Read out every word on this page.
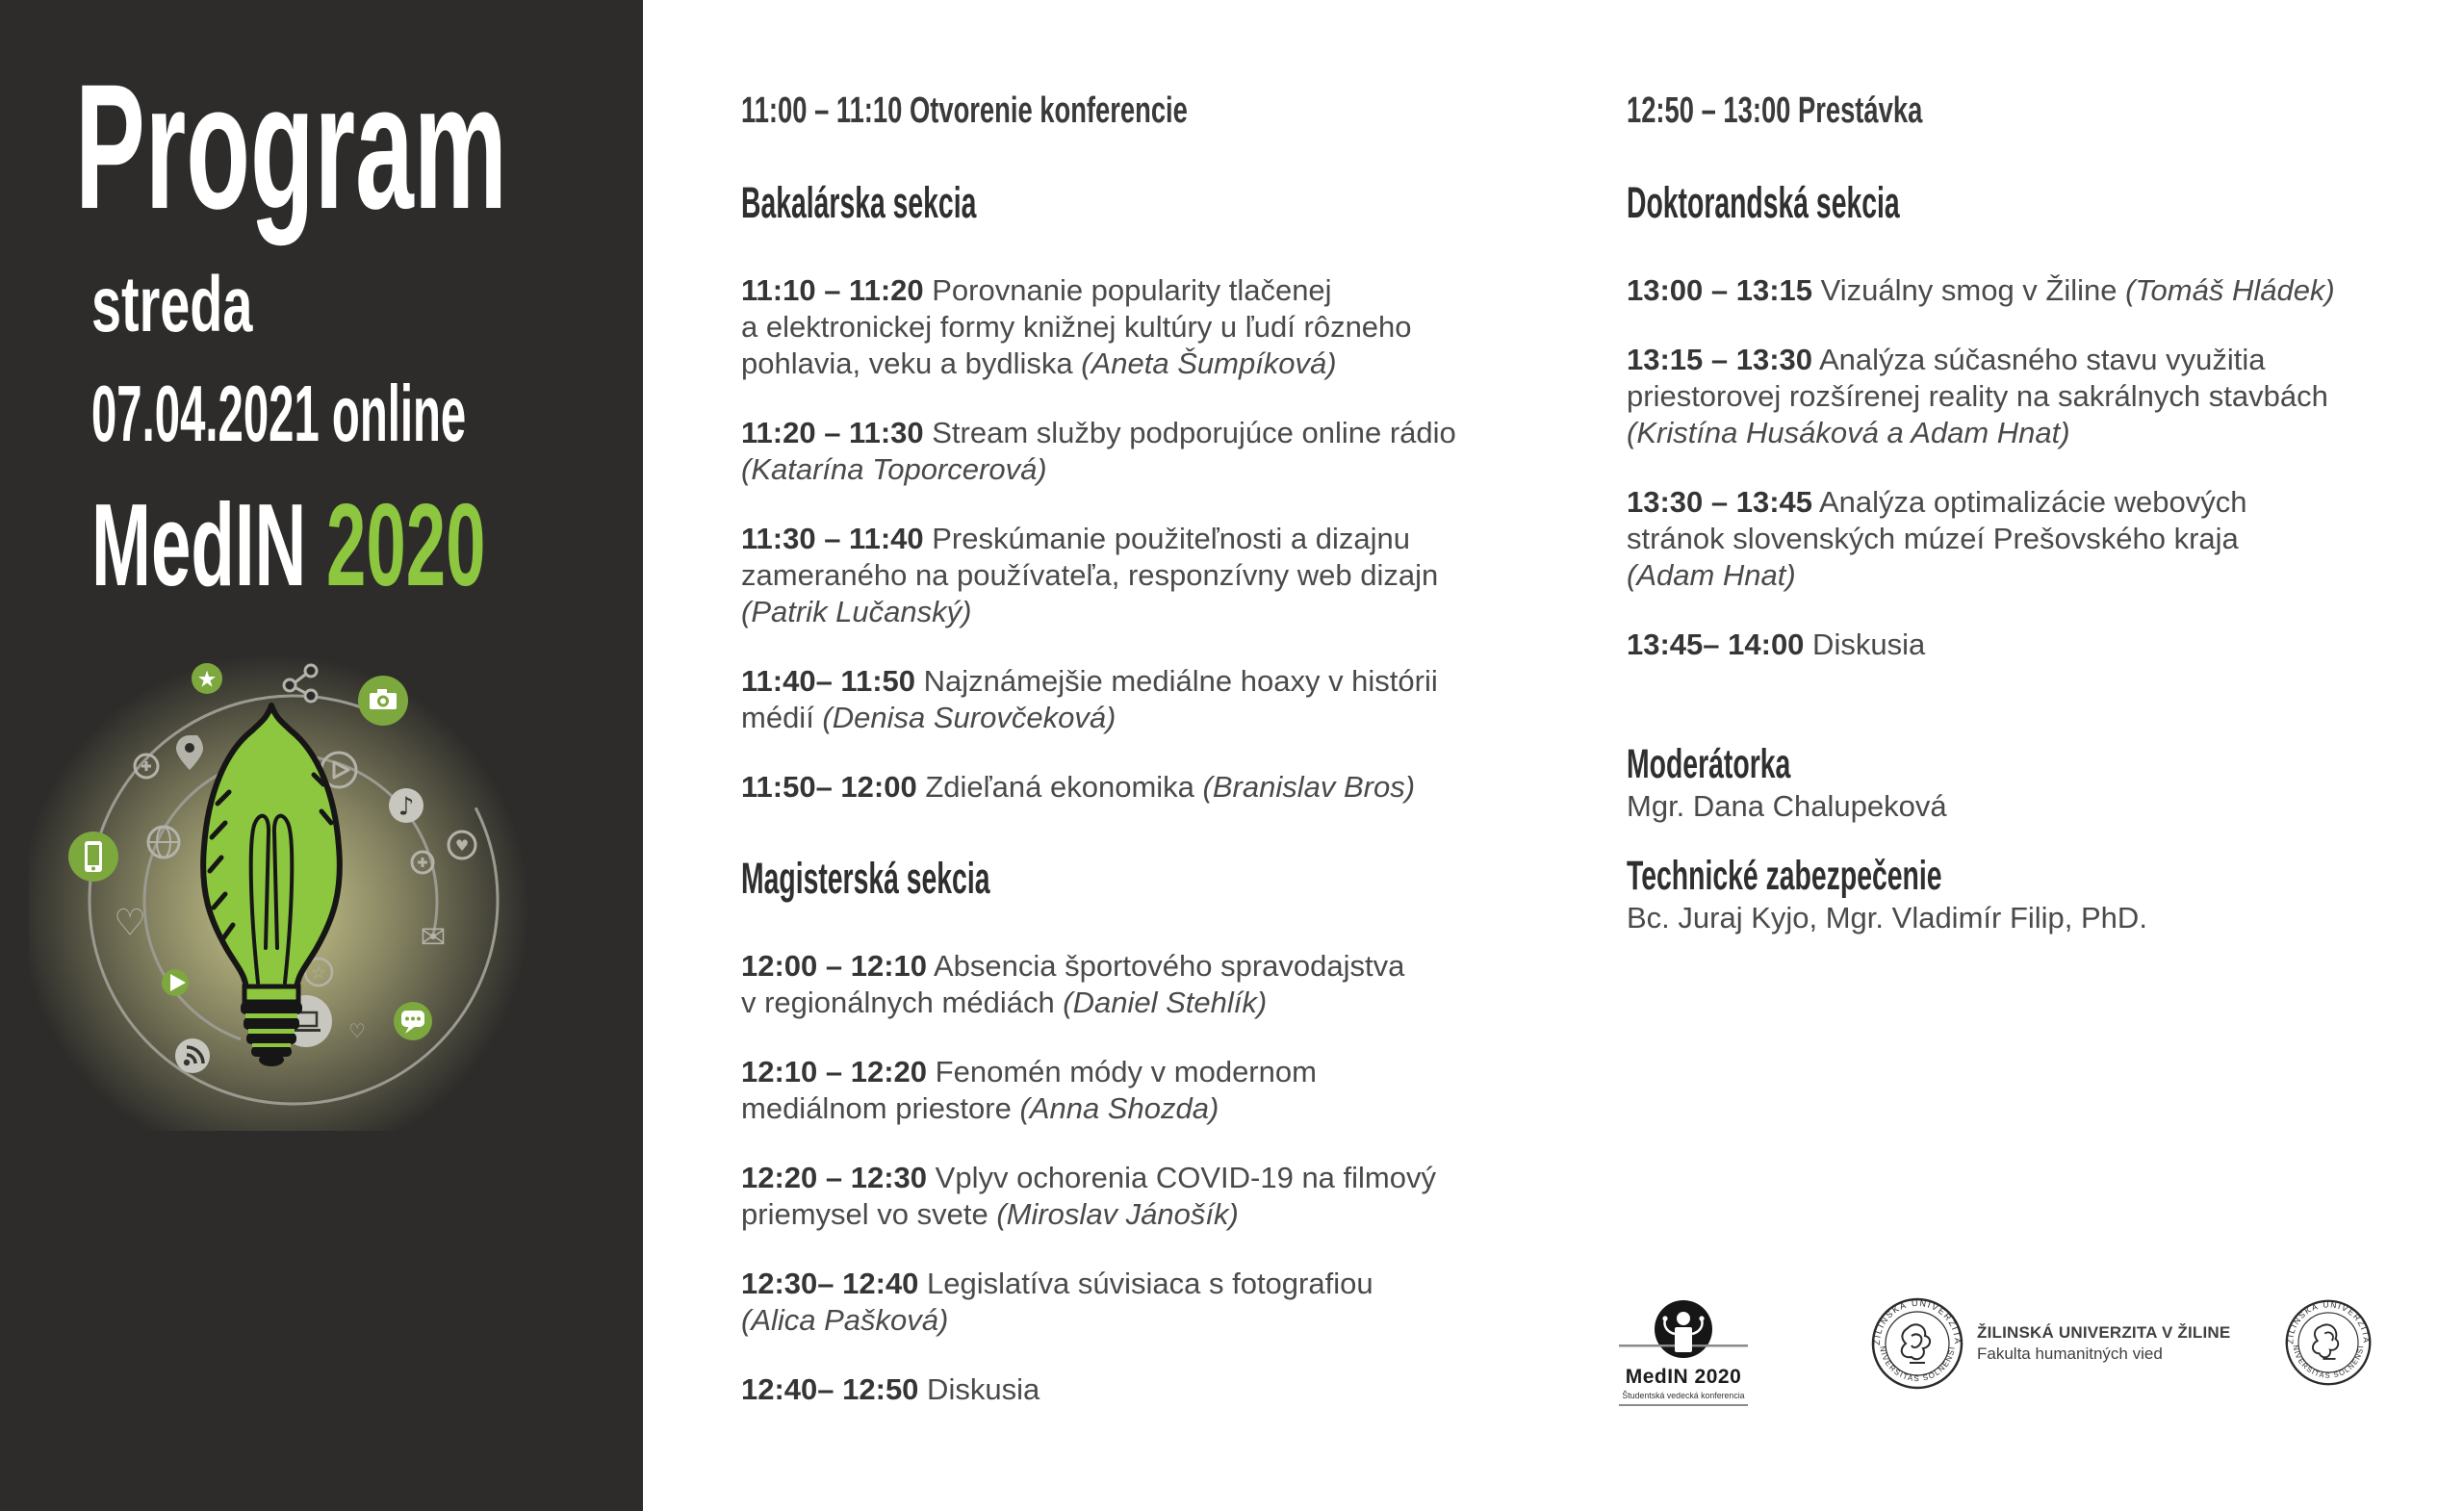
Program
streda
07.04.2021 online
MedIN 2020
★
♪
♥
♡	✉
☆
♡
11:00 – 11:10 Otvorenie konferencie
Bakalárska sekcia

11:10 – 11:20 Porovnanie popularity tlačenej
a elektronickej formy knižnej kultúry u ľudí rôzneho
pohlavia, veku a bydliska (Aneta Šumpíková)

11:20 – 11:30 Stream služby podporujúce online rádio
(Katarína Toporcerová)

11:30 – 11:40 Preskúmanie použiteľnosti a dizajnu
zameraného na používateľa, responzívny web dizajn
(Patrik Lučanský)

11:40– 11:50 Najznámejšie mediálne hoaxy v histórii
médií (Denisa Surovčeková)

11:50– 12:00 Zdieľaná ekonomika (Branislav Bros)

Magisterská sekcia

12:00 – 12:10 Absencia športového spravodajstva
v regionálnych médiách (Daniel Stehlík)

12:10 – 12:20 Fenomén módy v modernom
mediálnom priestore (Anna Shozda)

12:20 – 12:30 Vplyv ochorenia COVID-19 na filmový
priemysel vo svete (Miroslav Jánošík)

12:30– 12:40 Legislatíva súvisiaca s fotografiou
(Alica Pašková)

12:40– 12:50 Diskusia

12:50 – 13:00 Prestávka
Doktorandská sekcia

13:00 – 13:15 Vizuálny smog v Žiline (Tomáš Hládek)

13:15 – 13:30 Analýza súčasného stavu využitia
priestorovej rozšírenej reality na sakrálnych stavbách
(Kristína Husáková a Adam Hnat)

13:30 – 13:45 Analýza optimalizácie webových
stránok slovenských múzeí Prešovského kraja
(Adam Hnat)

13:45– 14:00 Diskusia

Moderátorka
Mgr. Dana Chalupeková
Technické zabezpečenie
Bc. Juraj Kyjo, Mgr. Vladimír Filip, PhD.
MedIN 2020
Študentská vedecká konferencia
ŽILINSKÁ UNIVERZITA
UNIVERSITAS SOLNENSIS	ŽILINSKÁ UNIVERZITA V ŽILINE
Fakulta humanitných vied
ŽILINSKÁ UNIVERZITA
UNIVERSITAS SOLNENSIS
